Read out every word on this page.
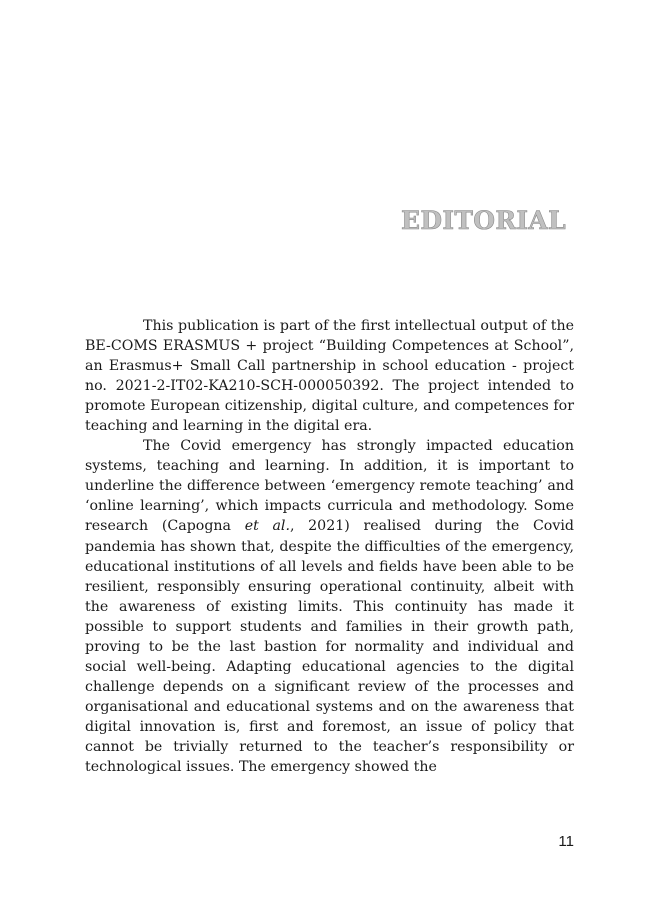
EDITORIAL

This publication is part of the first intellectual output of the BE-COMS ERASMUS + project “Building Competences at School”, an Erasmus+ Small Call partnership in school education - project no. 2021-2-IT02-KA210-SCH-000050392. The project intended to promote European citizenship, digital culture, and competences for teaching and learning in the digital era.

The Covid emergency has strongly impacted education systems, teaching and learning. In addition, it is important to underline the difference between ‘emergency remote teaching’ and ‘online learning’, which impacts curricula and methodology. Some research (Capogna et al., 2021) realised during the Covid pandemia has shown that, despite the difficulties of the emergency, educational institutions of all levels and fields have been able to be resilient, responsibly ensuring operational continuity, albeit with the awareness of existing limits. This continuity has made it possible to support students and families in their growth path, proving to be the last bastion for normality and individual and social well-being. Adapting educational agencies to the digital challenge depends on a significant review of the processes and organisational and educational systems and on the awareness that digital innovation is, first and foremost, an issue of policy that cannot be trivially returned to the teacher’s responsibility or technological issues. The emergency showed the

11
